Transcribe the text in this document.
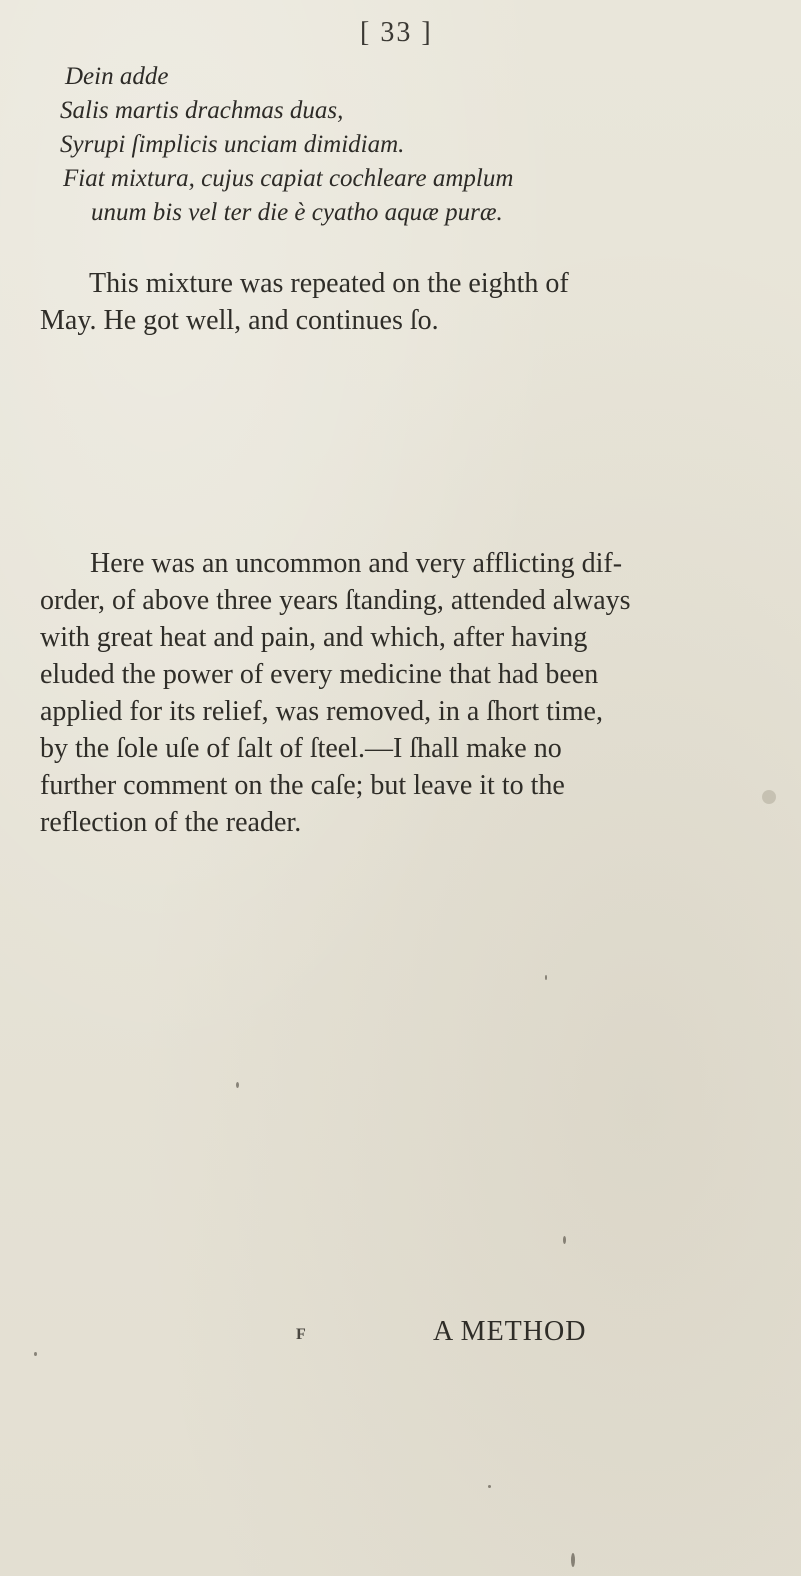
[ 33 ]
Dein adde
Salis martis drachmas duas,
Syrupi ſimplicis unciam dimidiam.
Fiat mixtura, cujus capiat cochleare amplum
unum bis vel ter die è cyatho aquæ puræ.
This mixture was repeated on the eighth of
May. He got well, and continues ſo.
Here was an uncommon and very afflicting dif-
order, of above three years ſtanding, attended always
with great heat and pain, and which, after having
eluded the power of every medicine that had been
applied for its relief, was removed, in a ſhort time,
by the ſole uſe of ſalt of ſteel.—I ſhall make no
further comment on the caſe; but leave it to the
reflection of the reader.
F	A METHOD
